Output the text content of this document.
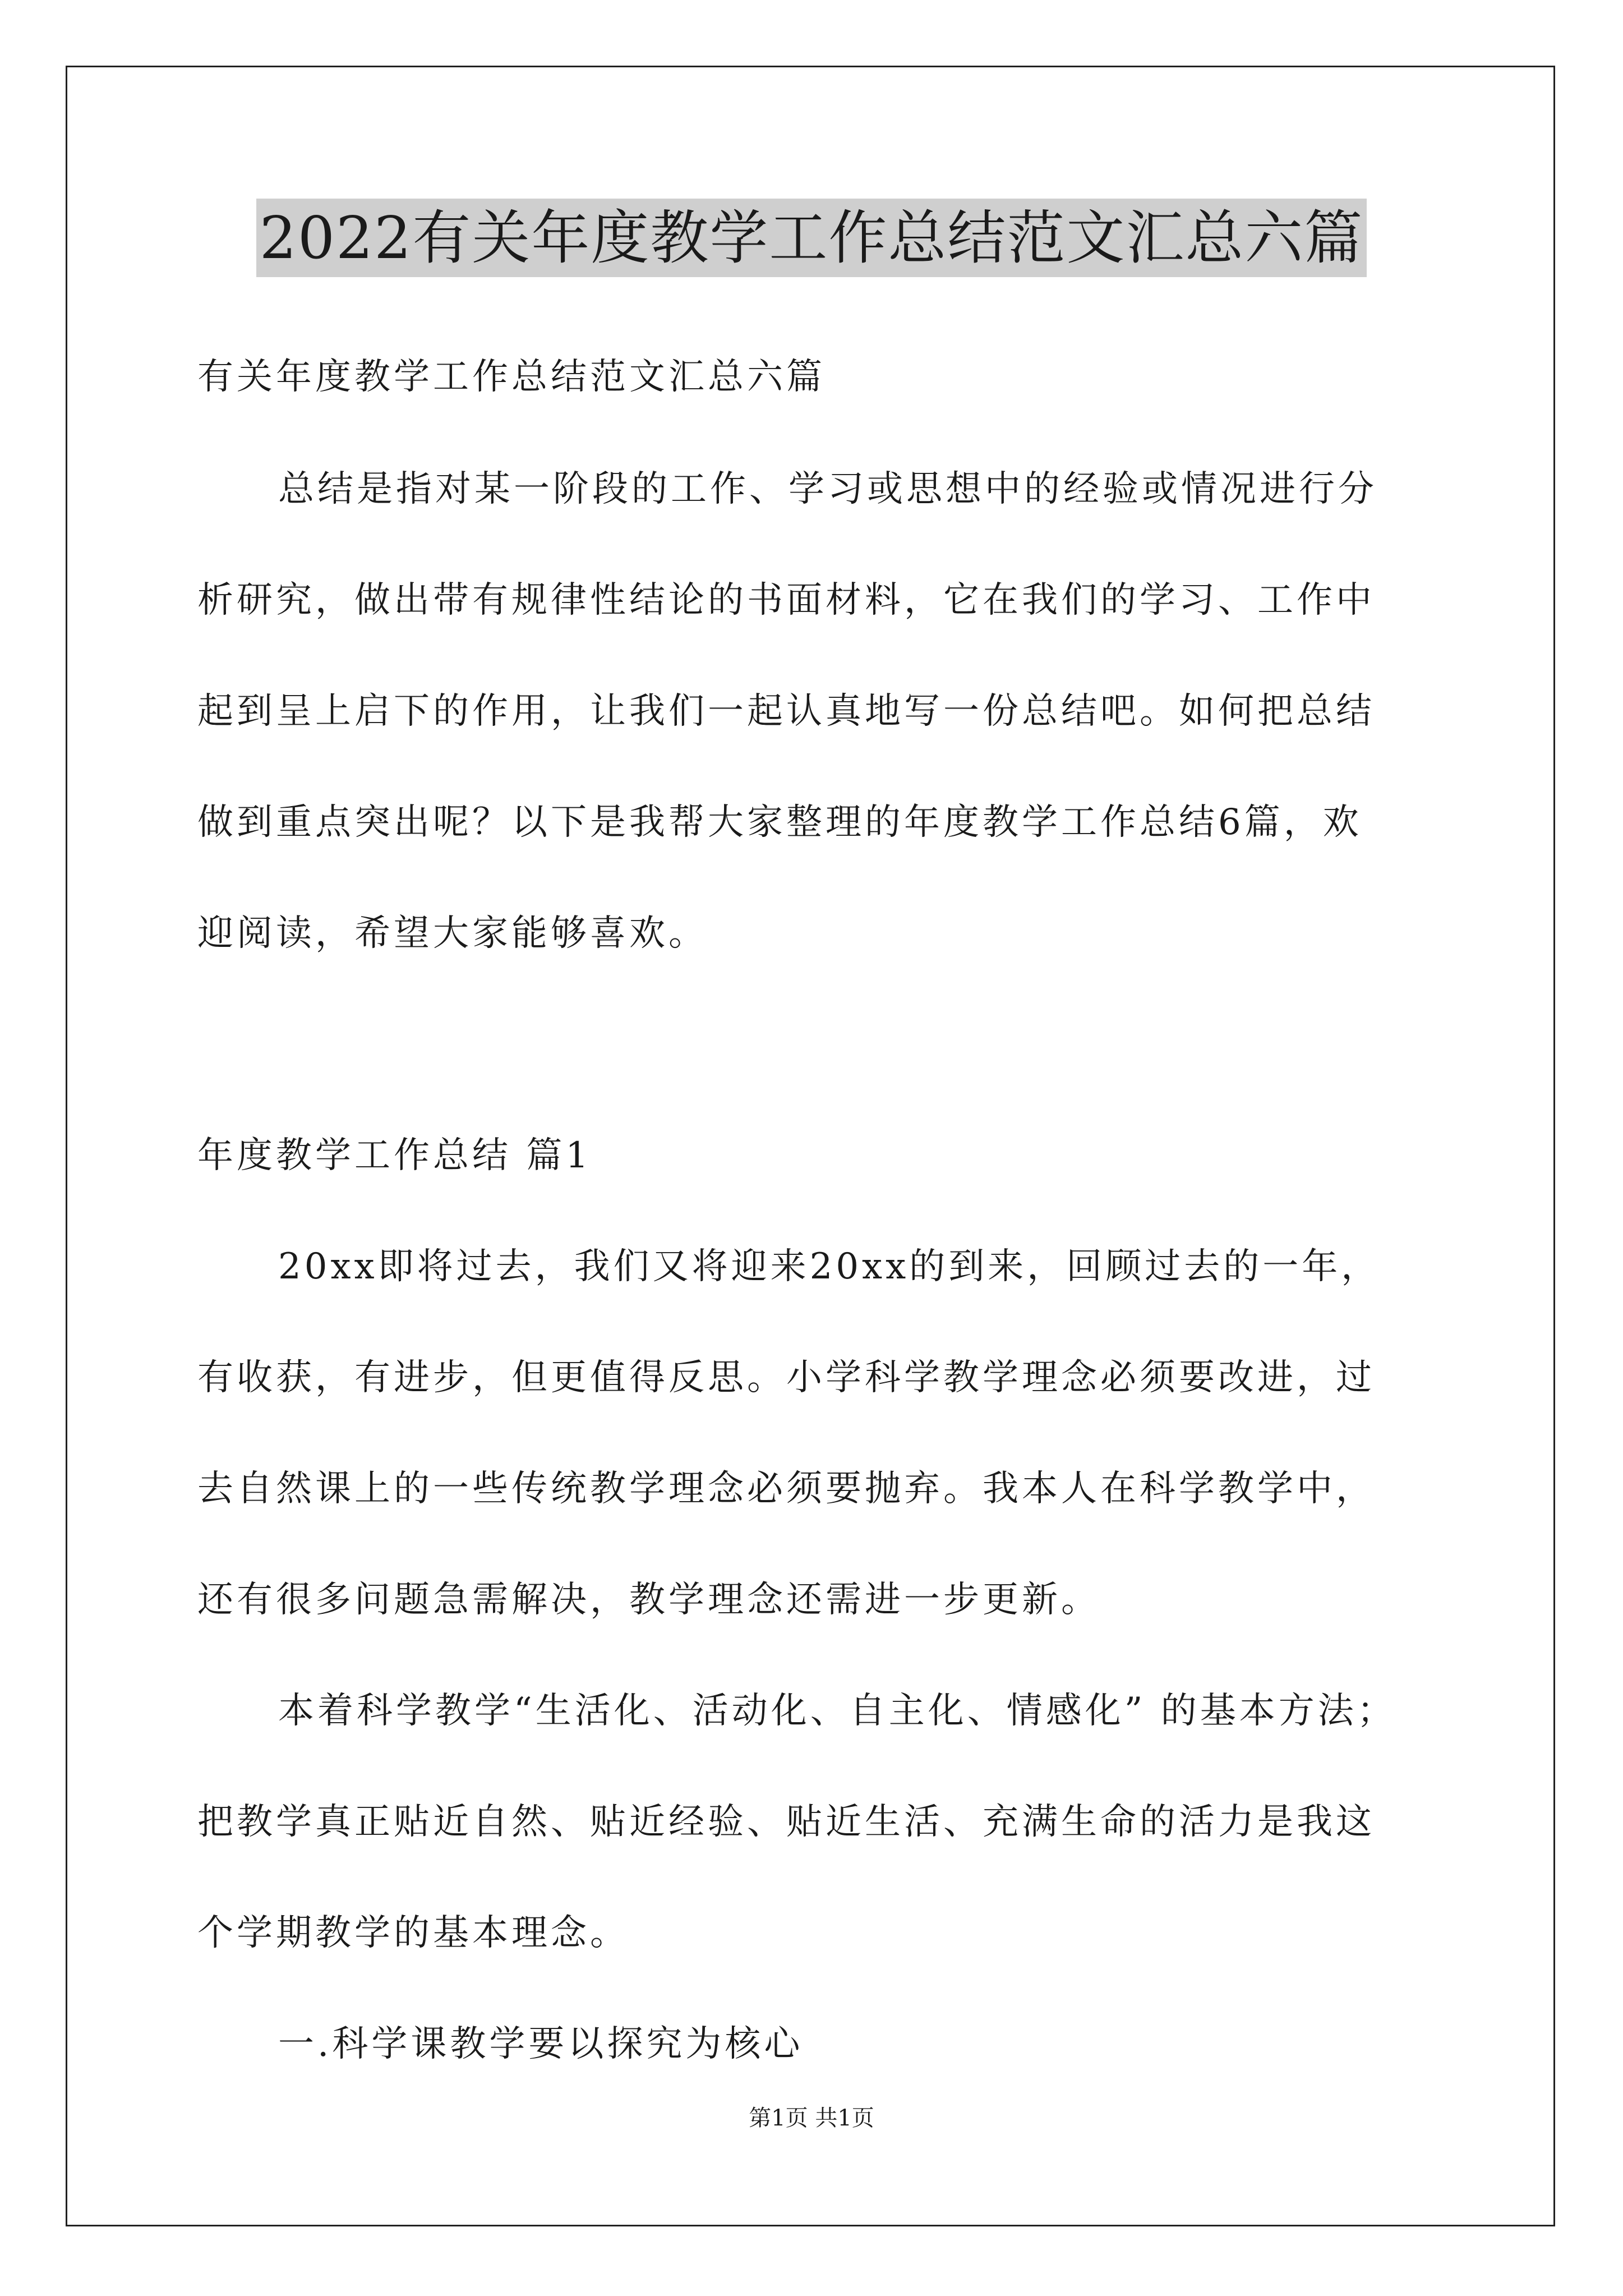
2022有关年度教学工作总结范文汇总六篇
有关年度教学工作总结范文汇总六篇
总结是指对某一阶段的工作、学习或思想中的经验或情况进行分
析研究，做出带有规律性结论的书面材料，它在我们的学习、工作中
起到呈上启下的作用，让我们一起认真地写一份总结吧。如何把总结
做到重点突出呢？以下是我帮大家整理的年度教学工作总结6篇，欢
迎阅读，希望大家能够喜欢。
年度教学工作总结 篇1
20xx即将过去，我们又将迎来20xx的到来，回顾过去的一年，
有收获，有进步，但更值得反思。小学科学教学理念必须要改进，过
去自然课上的一些传统教学理念必须要抛弃。我本人在科学教学中，
还有很多问题急需解决，教学理念还需进一步更新。
本着科学教学“生活化、活动化、自主化、情感化” 的基本方法；
把教学真正贴近自然、贴近经验、贴近生活、充满生命的活力是我这
个学期教学的基本理念。
一.科学课教学要以探究为核心
第1页 共1页
